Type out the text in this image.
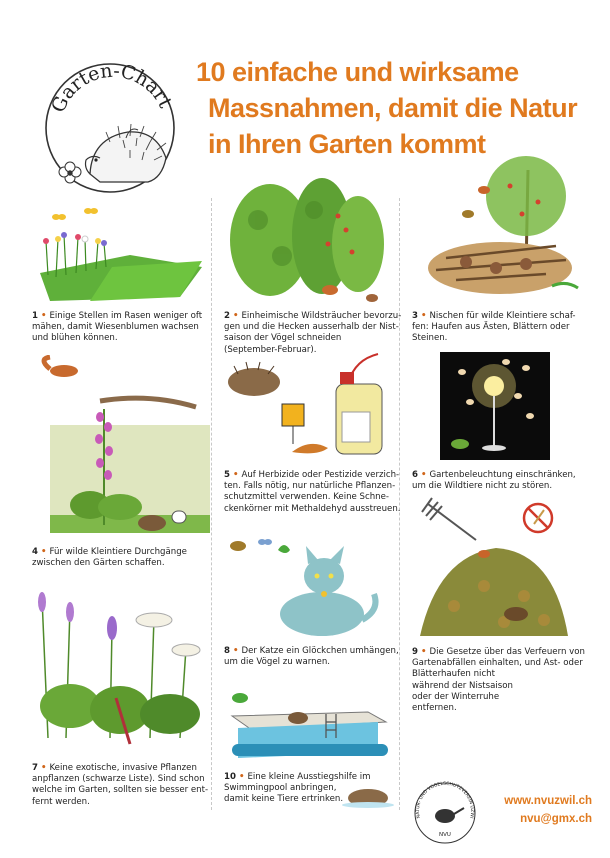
Garten-Chart
10 einfache und wirksame
Massnahmen, damit die Natur
in Ihren Garten kommt
1 • Einige Stellen im Rasen weniger oft
mähen, damit Wiesenblumen wachsen
und blühen können.
4 • Für wilde Kleintiere Durchgänge
zwischen den Gärten schaffen.
7 • Keine exotische, invasive Pflanzen
anpflanzen (schwarze Liste). Sind schon
welche im Garten, sollten sie besser ent-
fernt werden.
2 • Einheimische Wildsträucher bevorzu-
gen und die Hecken ausserhalb der Nist-
saison der Vögel schneiden
(September-Februar).
5 • Auf Herbizide oder Pestizide verzich-
ten. Falls nötig, nur natürliche Pflanzen-
schutzmittel verwenden. Keine Schne-
ckenkörner mit Methaldehyd ausstreuen.
8 • Der Katze ein Glöckchen umhängen,
um die Vögel zu warnen.
10 • Eine kleine Ausstiegshilfe im
Swimmingpool anbringen,
damit keine Tiere ertrinken.
3 • Nischen für wilde Kleintiere schaf-
fen: Haufen aus Ästen, Blättern oder
Steinen.
6 • Gartenbeleuchtung einschränken,
um die Wildtiere nicht zu stören.
9 • Die Gesetze über das Verfeuern von
Gartenabfällen einhalten, und Ast- oder
Blätterhaufen nicht
während der Nistsaison
oder der Winterruhe
entfernen.
NATUR- UND VOGELSCHUTZVEREIN UZWI
NVU
www.nvuzwil.ch
nvu@gmx.ch
